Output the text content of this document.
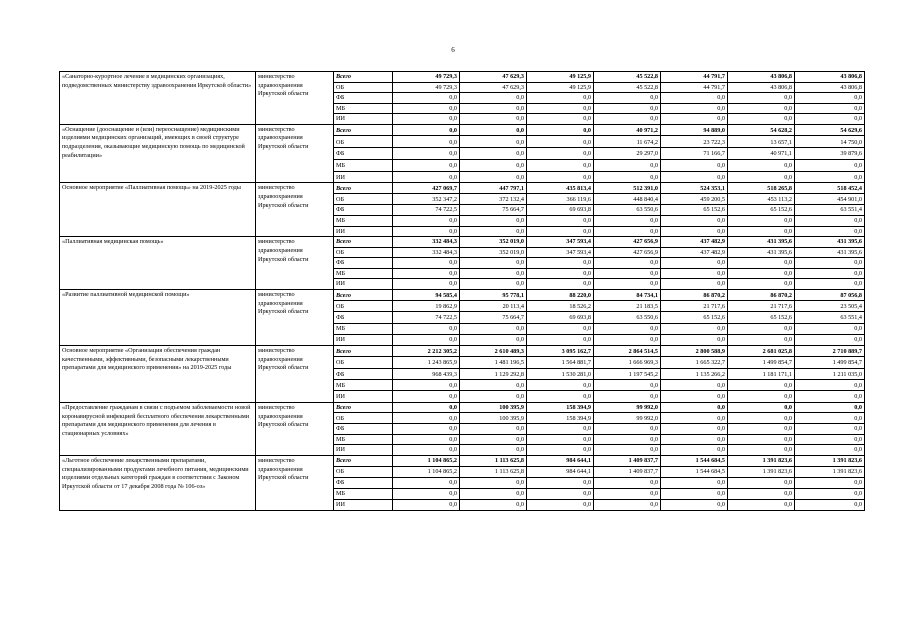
6
«Санаторно-курортное лечение в медицинских организациях, подведомственных министерству здравоохранения Иркутской области»	министерство здравоохранения Иркутской области	Всего	49 729,3	47 629,3	49 125,9	45 522,8	44 791,7	43 806,8	43 806,8
		ОБ	49 729,3	47 629,3	49 125,9	45 522,8	44 791,7	43 806,8	43 806,8
		ФБ	0,0	0,0	0,0	0,0	0,0	0,0	0,0
		МБ	0,0	0,0	0,0	0,0	0,0	0,0	0,0
		ИИ	0,0	0,0	0,0	0,0	0,0	0,0	0,0
«Оснащение (дооснащение и (или) переоснащение) медицинскими изделиями медицинских организаций, имеющих в своей структуре подразделения, оказывающие медицинскую помощь по медицинской реабилитации»	министерство здравоохранения Иркутской области	Всего	0,0	0,0	0,0	40 971,2	94 889,0	54 628,2	54 629,6
		ОБ	0,0	0,0	0,0	11 674,2	23 722,3	13 657,1	14 750,0
		ФБ	0,0	0,0	0,0	29 297,0	71 166,7	40 971,1	39 879,6
		МБ	0,0	0,0	0,0	0,0	0,0	0,0	0,0
		ИИ	0,0	0,0	0,0	0,0	0,0	0,0	0,0
Основное мероприятие «Паллиативная помощь» на 2019-2025 годы	министерство здравоохранения Иркутской области	Всего	427 069,7	447 797,1	435 813,4	512 391,0	524 353,1	518 265,8	518 452,4
		ОБ	352 347,2	372 132,4	366 119,6	448 840,4	459 200,5	453 113,2	454 901,0
		ФБ	74 722,5	75 664,7	69 693,8	63 550,6	65 152,6	65 152,6	63 551,4
		МБ	0,0	0,0	0,0	0,0	0,0	0,0	0,0
		ИИ	0,0	0,0	0,0	0,0	0,0	0,0	0,0
«Паллиативная медицинская помощь»	министерство здравоохранения Иркутской области	Всего	332 484,3	352 019,0	347 593,4	427 656,9	437 482,9	431 395,6	431 395,6
		ОБ	332 484,3	352 019,0	347 593,4	427 656,9	437 482,9	431 395,6	431 395,6
		ФБ	0,0	0,0	0,0	0,0	0,0	0,0	0,0
		МБ	0,0	0,0	0,0	0,0	0,0	0,0	0,0
		ИИ	0,0	0,0	0,0	0,0	0,0	0,0	0,0
«Развитие паллиативной медицинской помощи»	министерство здравоохранения Иркутской области	Всего	94 585,4	95 778,1	88 220,0	84 734,1	86 870,2	86 870,2	87 056,8
		ОБ	19 862,9	20 113,4	18 526,2	21 183,5	21 717,6	21 717,6	23 505,4
		ФБ	74 722,5	75 664,7	69 693,8	63 550,6	65 152,6	65 152,6	63 551,4
		МБ	0,0	0,0	0,0	0,0	0,0	0,0	0,0
		ИИ	0,0	0,0	0,0	0,0	0,0	0,0	0,0
Основное мероприятие «Организация обеспечения граждан качественными, эффективными, безопасными лекарственными препаратами для медицинского применения» на 2019-2025 годы	министерство здравоохранения Иркутской области	Всего	2 212 305,2	2 610 489,3	3 095 162,7	2 864 514,5	2 800 588,9	2 681 025,8	2 710 889,7
		ОБ	1 243 865,9	1 481 196,5	1 564 881,7	1 666 969,3	1 665 322,7	1 499 854,7	1 499 854,7
		ФБ	968 439,3	1 129 292,8	1 530 281,0	1 197 545,2	1 135 266,2	1 181 171,1	1 211 035,0
		МБ	0,0	0,0	0,0	0,0	0,0	0,0	0,0
		ИИ	0,0	0,0	0,0	0,0	0,0	0,0	0,0
«Предоставление гражданам в связи с подъемом заболеваемости новой коронавирусной инфекцией бесплатного обеспечения лекарственными препаратами для медицинского применения для лечения в стационарных условиях»	министерство здравоохранения Иркутской области	Всего	0,0	100 395,9	158 394,9	99 992,0	0,0	0,0	0,0
		ОБ	0,0	100 395,9	158 394,9	99 992,0	0,0	0,0	0,0
		ФБ	0,0	0,0	0,0	0,0	0,0	0,0	0,0
		МБ	0,0	0,0	0,0	0,0	0,0	0,0	0,0
		ИИ	0,0	0,0	0,0	0,0	0,0	0,0	0,0
«Льготное обеспечение лекарственными препаратами, специализированными продуктами лечебного питания, медицинскими изделиями отдельных категорий граждан в соответствии с Законом Иркутской области от 17 декабря 2008 года № 106-оз»	министерство здравоохранения Иркутской области	Всего	1 104 865,2	1 113 625,8	984 644,1	1 409 837,7	1 544 684,5	1 391 823,6	1 391 823,6
		ОБ	1 104 865,2	1 113 625,8	984 644,1	1 409 837,7	1 544 684,5	1 391 823,6	1 391 823,6
		ФБ	0,0	0,0	0,0	0,0	0,0	0,0	0,0
		МБ	0,0	0,0	0,0	0,0	0,0	0,0	0,0
		ИИ	0,0	0,0	0,0	0,0	0,0	0,0	0,0
